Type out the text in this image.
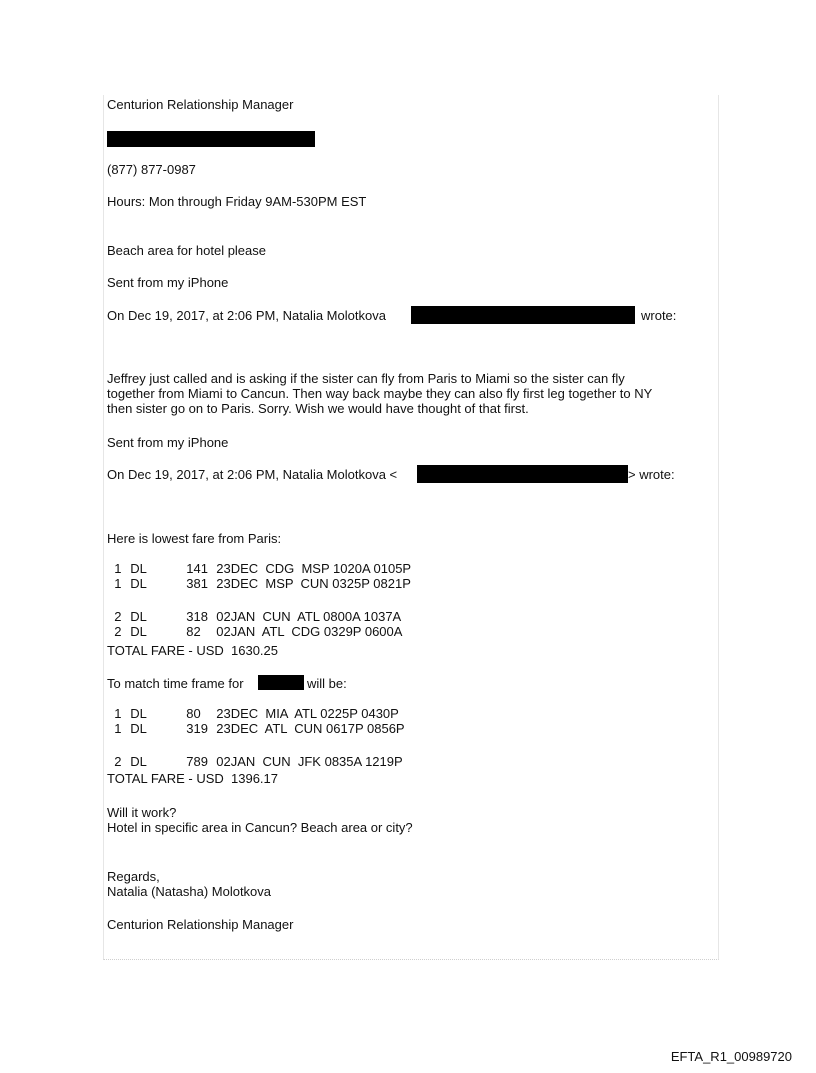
Centurion Relationship Manager
(877) 877-0987
Hours: Mon through Friday 9AM-530PM EST
Beach area for hotel please
Sent from my iPhone
On Dec 19, 2017, at 2:06 PM, Natalia Molotkova	wrote:
Jeffrey just called and is asking if the sister can fly from Paris to Miami so the sister can fly
together from Miami to Cancun. Then way back maybe they can also fly first leg together to NY
then sister go on to Paris. Sorry. Wish we would have thought of that first.
Sent from my iPhone
On Dec 19, 2017, at 2:06 PM, Natalia Molotkova <	> wrote:
Here is lowest fare from Paris:

1 DL	141 23DEC  CDG  MSP 1020A 0105P

1 DL	381 23DEC  MSP  CUN 0325P 0821P

2 DL	318 02JAN  CUN  ATL 0800A 1037A

2 DL	82 02JAN  ATL  CDG 0329P 0600A

TOTAL FARE - USD  1630.25
To match time frame for	will be:

1 DL	80 23DEC  MIA  ATL 0225P 0430P

1 DL	319 23DEC  ATL  CUN 0617P 0856P

2 DL	789 02JAN  CUN  JFK 0835A 1219P

TOTAL FARE - USD  1396.17
Will it work?
Hotel in specific area in Cancun? Beach area or city?
Regards,
Natalia (Natasha) Molotkova
Centurion Relationship Manager
EFTA_R1_00989720
